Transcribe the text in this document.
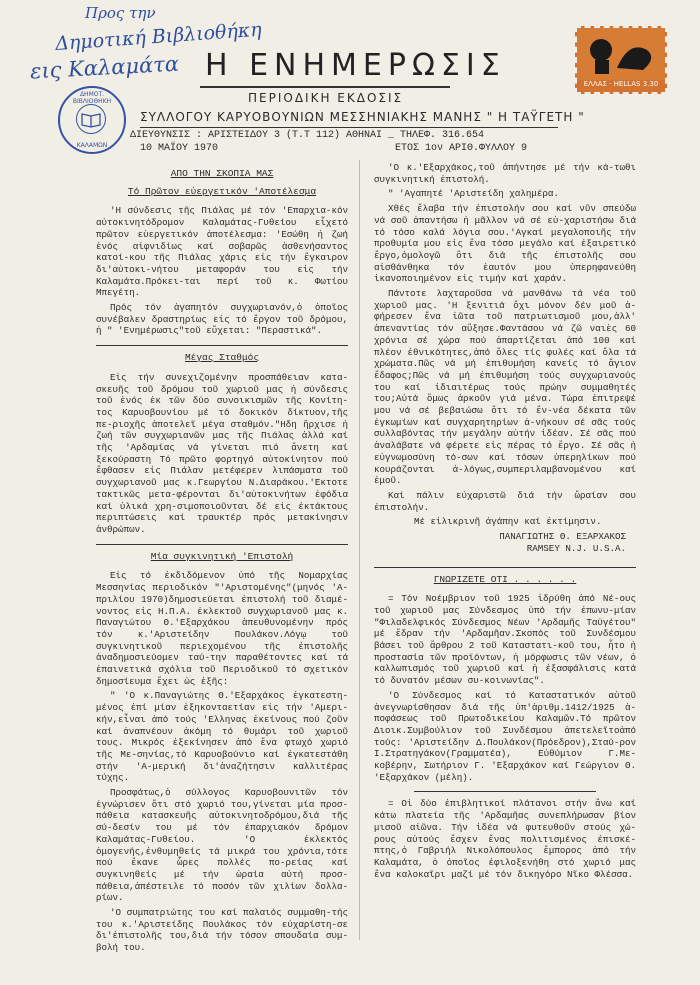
Προς την
Δημοτική Βιβλιοθήκη
εις Καλαμάτα
ΔΗΜΟΤ. ΒΙΒΛΙΟΘΗΚΗ
ΚΑΛΑΜΩΝ
ΕΛΛΑΣ · HELLAS 3.30
Η ΕΝΗΜΕΡΩΣΙΣ
ΠΕΡΙΟΔΙΚΗ ΕΚΔΟΣΙΣ
ΣΥΛΛΟΓΟΥ ΚΑΡΥΟΒΟΥΝΙΩΝ ΜΕΣΣΗΝΙΑΚΗΣ ΜΑΝΗΣ " Η ΤΑΫΓΕΤΗ "
ΔΙΕΥΘΥΝΣΙΣ : ΑΡΙΣΤΕΙΔΟΥ 3 (Τ.Τ 112) ΑΘΗΝΑΙ _ ΤΗΛΕΦ. 316.654
10 ΜΑΪΟΥ 1970	ΕΤΟΣ 1ον ΑΡΙΘ.ΦΥΛΛΟΥ 9
ΑΠΟ ΤΗΝ ΣΚΟΠΙΑ ΜΑΣ
Τό Πρῶτον εὐεργετικόν 'Αποτέλεσμα

'Η σύνδεσις τῆς Πιάλας μέ τόν 'Επαρχια-κόν αὐτοκινητόδρομον Καλαμάτας-Γυθείου εἶχετό πρῶτον εὐεργετικόν ἀποτέλεσμα: 'Εσώθη ἡ ζωή ἑνός αἰφνιδίως καί σοβαρῶς ἀσθενήσαντος κατοί-κου τῆς Πιάλας χάρις εἰς τήν ἔγκαιρον δι'αὐτοκι-νήτου μεταφοράν του εἰς τήν Καλαμάτα.Πρόκει-ται περί τοῦ κ. Φωτίου Μπεγέτη.

Πρός τόν ἀγαπητόν συγχωριανόν,ὁ ὁποῖος συνέβαλεν δραστηρίως εἰς τό ἔργον τοῦ δρόμου, ἡ " 'Ενημέρωσις"τοῦ εὔχεται: "Περαστικά".

Μέγας Σταθμός

Εἰς τήν συνεχιζομένην προσπάθειαν κατα-σκευῆς τοῦ δρόμου τοῦ χωριοῦ μας ἡ σύνδεσις τοῦ ἑνός ἐκ τῶν δύο συνοικισμῶν τῆς Κονίτη-τος Καρυοβουνίου μέ τό δοκικόν δίκτυον,τῆς πε-ριοχῆς ἀποτελεῖ μέγα σταθμόν."Ηδη ἤρχισε ἡ ζωή τῶν συγχωριανῶν μας τῆς Πιάλας ἀλλά καί τῆς 'Αρδαμίας νά γίνεται πιό ἄνετη καί ξεκούραστη Τό πρῶτο φορτηγό αὐτοκίνητον πού ἔφθασεν εἰς Πιάλαν μετέφερεν λιπάσματα τοῦ συγχωριανοῦ μας κ.Γεωργίου Ν.Διαράκου.'Εκτοτε τακτικῶς μετα-φέρονται δι'αὐτοκινήτων ἐφόδια καί ὑλικά χρη-σιμοποιοῦνται δέ εἰς ἐκτάκτους περιπτώσεις καί τραυκτέρ πρός μετακίνησιν ἀνθρώπων.

Μία συγκινητική 'Επιστολή

Εἰς τό ἐκδιδόμενον ὑπό τῆς Νομαρχίας Μεσσηνίας περιοδικόν "'Αριστομένης"(μηνός 'Α-πριλίου 1970)δημοσιεύεται ἐπιστολή τοῦ διαμέ-νοντος εἰς Η.Π.Α. ἐκλεκτοῦ συγχωριανοῦ μας κ. Παναγιώτου Θ.'Εξαρχάκου ἀπευθυνομένην πρός τόν κ.'Αριστείδην Πουλάκον.Λόγῳ τοῦ συγκινητικοῦ περιεχομένου τῆς ἐπιστολῆς ἀναδημοσιεύομεν ταύ-την παραθέτοντες καί τά ἐπαινετικά σχόλια τοῦ Περιοδικοῦ τό σχετικόν δημοσίευμα ἔχει ὡς ἑξῆς:

" 'Ο κ.Παναγιώτης Θ.'Εξαρχάκος ἐγκατεστη-μένος ἐπί μίαν ἑξηκονταετίαν εἰς τήν 'Αμερι-κήν,εἶναι ἀπό τούς 'Ελληνας ἐκείνους πού ζοῦν καί ἀναπνέουν ἀκόμη τό θυμάρι τοῦ χωριοῦ τους. Μικρός ἐξεκίνησεν ἀπό ἕνα φτωχό χωριό τῆς Με-σηνίας,τό Καρυοβούνιο καί ἐγκατεστάθη στήν 'Α-μερική δι'ἀναζήτησιν καλλιτέρας τύχης.

Προσφάτως,ὁ σύλλογος Καρυοβουνιτῶν τόν ἐγνώρισεν ὅτι στό χωριό του,γίνεται μία προσ-πάθεια κατασκευῆς αὐτοκινητοδρόμου,διά τῆς σύ-δεσίν του μέ τόν ἐπαρχιακόν δρόμον Καλαμάτας-Γυθείου. 'Ο ἐκλεκτός ὁμογενής,ἐνθυμηθείς τά μικρά του χρόνια,τότε πού ἔκανε ὧρες πολλές πο-ρείας καί συγκινηθείς μέ τήν ὡραία αὐτή προσ-πάθεια,ἀπέστειλε τό ποσόν τῶν χιλίων δολλα-ρίων.

'Ο συμπατριώτης του καί παλαιός συμμαθη-τής του κ.'Αριστείδης Πουλάκος τόν εὐχαρίστη-σε δι'ἐπιστολῆς του,διά τήν τόσον σπουδαία συμ-βολή του.

'Ο κ.'Εξαρχάκος,τοῦ ἀπήντησε μέ τήν κά-τωθι συγκινητική ἐπιστολή.

" 'Αγαπητέ 'Αριστείδη χαλημέρα.

Χθές ἔλαβα τήν ἐπιστολήν σου καί νῦν σπεύδω νά σοῦ ἀπαντήσω ἡ μᾶλλον νά σέ εὐ-χαριστήσω διά τό τόσο καλά λόγια σου.'Αγκαί μεγαλοποιῆς τήν προθυμία μου εἰς ἕνα τόσο μεγάλο καί ἐξαιρετικό ἔργο,ὁμολογῶ ὅτι διά τῆς ἐπιστολῆς σου αἰσθάνθηκα τόν ἑαυτόν μου ὑπερηφανεύθη ἱκανοποιημένον εἰς τιμήν καί χαράν.

Πάντοτε λαχταροῦσα νά μανθάνω τά νέα τοῦ χωριοῦ μας. 'Η ξενιτιά ὄχι μόνον δέν μοῦ ἀ-φήρεσεν ἕνα ἰῶτα τοῦ πατριωτισμοῦ μου,ἀλλ' ἀπεναντίας τόν αὔξησε.Φαντάσου νά ζῶ ναιὲς 60 χρόνια σέ χώρα πού ἀπαρτίζεται ἀπό 100 καί πλέον ἐθνικότητες,ἀπό ὅλες τίς φυλές καί ὅλα τά χρώματα.Πῶς νά μή ἐπιθυμήση κανείς τό ἅγιον ἔδαφος;Πῶς νά μή ἐπιθυμήση τούς συγχωριανούς του καί ἰδιαιτέρως τούς πρώην συμμαθητές του;Αὐτά ὅμως ἀρκοῦν γιά μένα. Τώρα ἐπιτρεψέ μου νά σέ βεβαιώσω ὅτι τό ἔν-νέα δέκατα τῶν ἐγκωμίων καί συγχαρητηρίων ἀ-νήκουν σέ σᾶς τούς συλλαβόντας τήν μεγάλην αὐτήν ἰδέαν. Σέ σᾶς πού ἀναλάβατε νά φέρετε εἰς πέρας τό ἔργο. Σέ σᾶς ἡ εὐγνωμοσύνη τό-σων καί τόσων ὑπερηλίκων πού κουράζονται ἀ-λόγως,συμπεριλαμβανομένου καί ἐμοῦ.

Καί πάλιν εὐχαριστῶ διά τήν ὥραίαν σου ἐπιστολήν.

Μέ εἰλικρινῆ ἀγάπην καί ἐκτίμησιν.

ΠΑΝΑΓΙΩΤΗΣ Θ. ΕΞΑΡΧΑΚΟΣ
RAMSEY N.J. U.S.A.
ΓΝΩΡΙΖΕΤΕ ΟΤΙ . . . . . .

= Τόν Νοέμβριον τοῦ 1925 ἱδρύθη ἀπό Νέ-ους τοῦ χωριοῦ μας Σύνδεσμος ὑπό τήν ἐπωνυ-μίαν "Φιλαδελφικός Σύνδεσμος Νέων 'Αρδαμῆς Ταϋγέτου" μέ ἕδραν τήν 'Αρδαμῆαν.Σκοπός τοῦ Συνδέσμου βάσει τοῦ ἄρθρου 2 τοῦ Καταστατι-κοῦ του, ἦτο ἡ προστασία τῶν προϊόντων, ἡ μόρφωσις τῶν νέων, ὁ καλλωπισμός τοῦ χωριοῦ καί ἡ ἐξασφάλισις κατά τό δυνατόν μέσων συ-κοινωνίας".

'Ο Σύνδεσμος καί τό Καταστατικόν αὐτοῦ ἀνεγνωρίσθησαν διά τῆς ὑπ'ἀριθμ.1412/1925 ἀ-ποφάσεως τοῦ Πρωτοδικείου Καλαμῶν.Τό πρῶτον Διοικ.Συμβούλιον τοῦ Συνδέσμου ἀπετελεῖτοἀπό τούς: 'Αριστείδην Δ.Πουλάκον(Πρόεδρον),Σταύ-ρον Ι.Στρατηγάκον(Γραμματέα), Εὐθύμιον Γ.Με-κοβέρην, Σωτήριον Γ. 'Εξαρχάκον καί Γεώργιον Θ. 'Εξαρχάκον (μέλη).

= Οἱ δύο ἐπιβλητικοί πλάτανοι στήν ἄνω καί κάτω πλατεία τῆς 'Αρδαμῆας συνεπλήρωσαν βίον μισοῦ αἰῶνα. Τήν ἰδέα νά φυτευθοῦν στούς χώ-ρους αὐτούς ἔσχεν ἕνας πολιτισμένος ἐπισκέ-πτης,ὁ Γαβριήλ Νικολόπουλος ἔμπορος ἀπό τήν Καλαμάτα, ὁ ὁποῖος ἐφιλοξενήθη στό χωριό μας ἕνα καλοκαῖρι μαζί μέ τόν δικηγόρο Νῖκο Φλέσσα.
